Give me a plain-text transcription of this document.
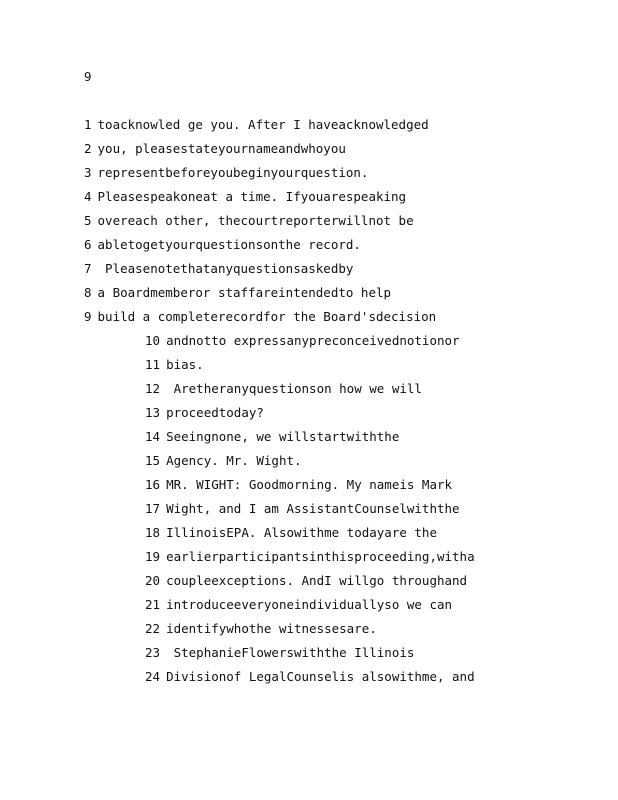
9
1 toacknowled ge you. After I haveacknowledged
2 you, pleasestateyournameandwhoyou
3 representbeforeyoubeginyourquestion.
4 Pleasespeakoneat a time. Ifyouarespeaking
5 overeach other, thecourtreporterwillnot be
6 abletogetyourquestionsonthe record.
7 Pleasenotethatanyquestionsaskedby
8 a Boardmemberor staffareintendedto help
9 build a completerecordfor the Board'sdecision
10 andnotto expressanypreconceivednotionor
11 bias.
12 Aretheranyquestionson how we will
13 proceedtoday?
14 Seeingnone, we willstartwiththe
15 Agency. Mr. Wight.
16 MR. WIGHT: Goodmorning. My nameis Mark
17 Wight, and I am AssistantCounselwiththe
18 IllinoisEPA. Alsowithme todayare the
19 earlierparticipantsinthisproceeding,witha
20 coupleexceptions. AndI willgo throughand
21 introduceeveryoneindividuallyso we can
22 identifywhothe witnessesare.
23 StephanieFlowerswiththe Illinois
24 Divisionof LegalCounselis alsowithme, and
